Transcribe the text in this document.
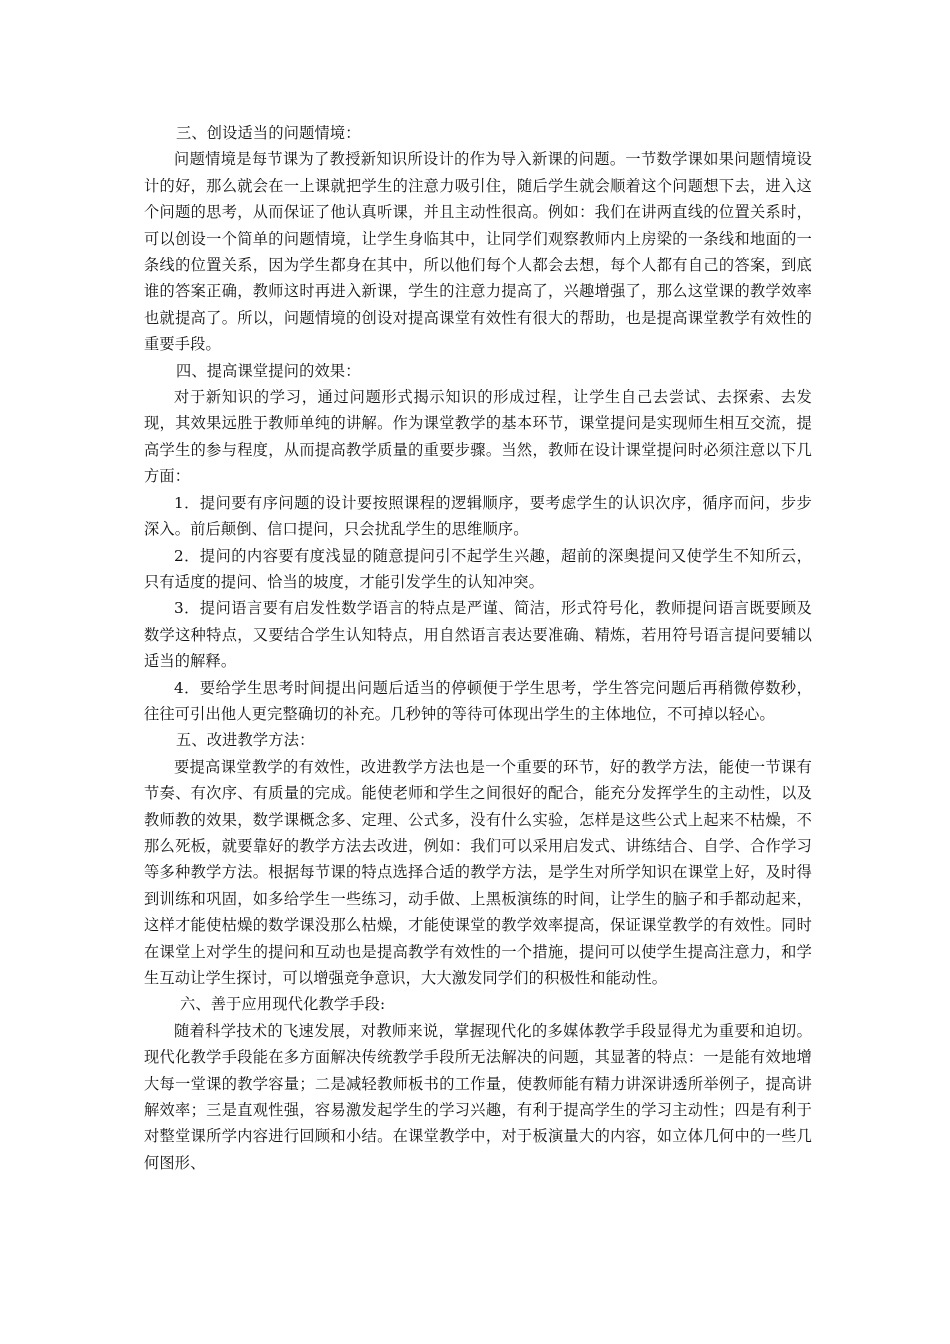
三、创设适当的问题情境：

问题情境是每节课为了教授新知识所设计的作为导入新课的问题。一节数学课如果问题情境设计的好，那么就会在一上课就把学生的注意力吸引住，随后学生就会顺着这个问题想下去，进入这个问题的思考，从而保证了他认真听课，并且主动性很高。例如：我们在讲两直线的位置关系时，可以创设一个简单的问题情境，让学生身临其中，让同学们观察教师内上房梁的一条线和地面的一条线的位置关系，因为学生都身在其中，所以他们每个人都会去想，每个人都有自己的答案，到底谁的答案正确，教师这时再进入新课，学生的注意力提高了，兴趣增强了，那么这堂课的教学效率也就提高了。所以，问题情境的创设对提高课堂有效性有很大的帮助，也是提高课堂教学有效性的重要手段。

四、提高课堂提问的效果：

对于新知识的学习，通过问题形式揭示知识的形成过程，让学生自己去尝试、去探索、去发现，其效果远胜于教师单纯的讲解。作为课堂教学的基本环节，课堂提问是实现师生相互交流，提高学生的参与程度，从而提高教学质量的重要步骤。当然，教师在设计课堂提问时必须注意以下几方面：

1．提问要有序问题的设计要按照课程的逻辑顺序，要考虑学生的认识次序，循序而问，步步深入。前后颠倒、信口提问，只会扰乱学生的思维顺序。

2．提问的内容要有度浅显的随意提问引不起学生兴趣，超前的深奥提问又使学生不知所云，只有适度的提问、恰当的坡度，才能引发学生的认知冲突。

3．提问语言要有启发性数学语言的特点是严谨、简洁，形式符号化，教师提问语言既要顾及数学这种特点，又要结合学生认知特点，用自然语言表达要准确、精炼，若用符号语言提问要辅以适当的解释。

4．要给学生思考时间提出问题后适当的停顿便于学生思考，学生答完问题后再稍微停数秒，往往可引出他人更完整确切的补充。几秒钟的等待可体现出学生的主体地位，不可掉以轻心。

五、改进教学方法：

要提高课堂教学的有效性，改进教学方法也是一个重要的环节，好的教学方法，能使一节课有节奏、有次序、有质量的完成。能使老师和学生之间很好的配合，能充分发挥学生的主动性，以及教师教的效果，数学课概念多、定理、公式多，没有什么实验，怎样是这些公式上起来不枯燥，不那么死板，就要靠好的教学方法去改进，例如：我们可以采用启发式、讲练结合、自学、合作学习等多种教学方法。根据每节课的特点选择合适的教学方法，是学生对所学知识在课堂上好，及时得到训练和巩固，如多给学生一些练习，动手做、上黑板演练的时间，让学生的脑子和手都动起来，这样才能使枯燥的数学课没那么枯燥，才能使课堂的教学效率提高，保证课堂教学的有效性。同时在课堂上对学生的提问和互动也是提高教学有效性的一个措施，提问可以使学生提高注意力，和学生互动让学生探讨，可以增强竞争意识，大大激发同学们的积极性和能动性。

六、善于应用现代化教学手段:

随着科学技术的飞速发展，对教师来说，掌握现代化的多媒体教学手段显得尤为重要和迫切。现代化教学手段能在多方面解决传统教学手段所无法解决的问题，其显著的特点：一是能有效地增大每一堂课的教学容量；二是减轻教师板书的工作量，使教师能有精力讲深讲透所举例子，提高讲解效率；三是直观性强，容易激发起学生的学习兴趣，有利于提高学生的学习主动性；四是有利于对整堂课所学内容进行回顾和小结。在课堂教学中，对于板演量大的内容，如立体几何中的一些几何图形、
